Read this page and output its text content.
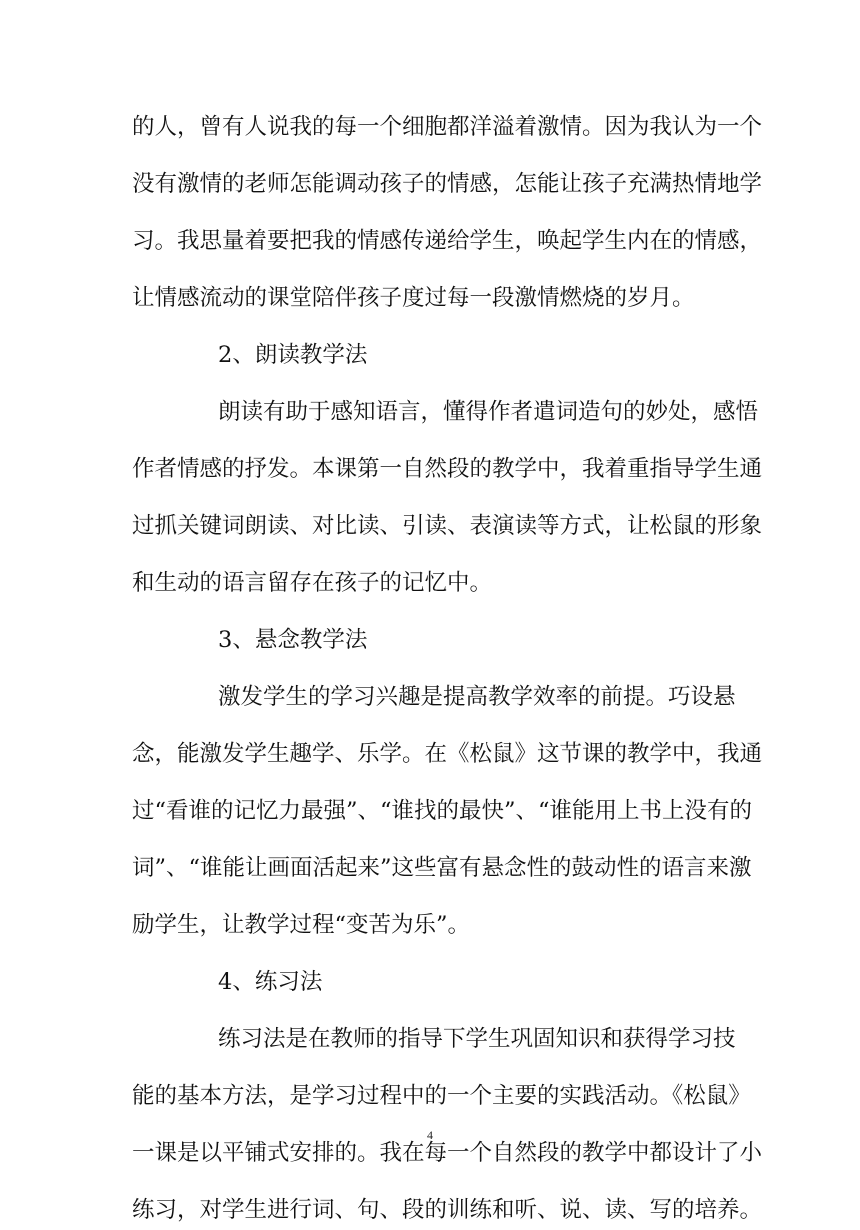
的人，曾有人说我的每一个细胞都洋溢着激情。因为我认为一个
没有激情的老师怎能调动孩子的情感，怎能让孩子充满热情地学
习。我思量着要把我的情感传递给学生，唤起学生内在的情感，
让情感流动的课堂陪伴孩子度过每一段激情燃烧的岁月。
2、朗读教学法
朗读有助于感知语言，懂得作者遣词造句的妙处，感悟
作者情感的抒发。本课第一自然段的教学中，我着重指导学生通
过抓关键词朗读、对比读、引读、表演读等方式，让松鼠的形象
和生动的语言留存在孩子的记忆中。
3、悬念教学法
激发学生的学习兴趣是提高教学效率的前提。巧设悬
念，能激发学生趣学、乐学。在《松鼠》这节课的教学中，我通
过“看谁的记忆力最强”、“谁找的最快”、“谁能用上书上没有的
词”、“谁能让画面活起来”这些富有悬念性的鼓动性的语言来激
励学生，让教学过程“变苦为乐”。
4、练习法
练习法是在教师的指导下学生巩固知识和获得学习技
能的基本方法，是学习过程中的一个主要的实践活动。《松鼠》
一课是以平铺式安排的。我在每一个自然段的教学中都设计了小
练习，对学生进行词、句、段的训练和听、说、读、写的培养。
4
